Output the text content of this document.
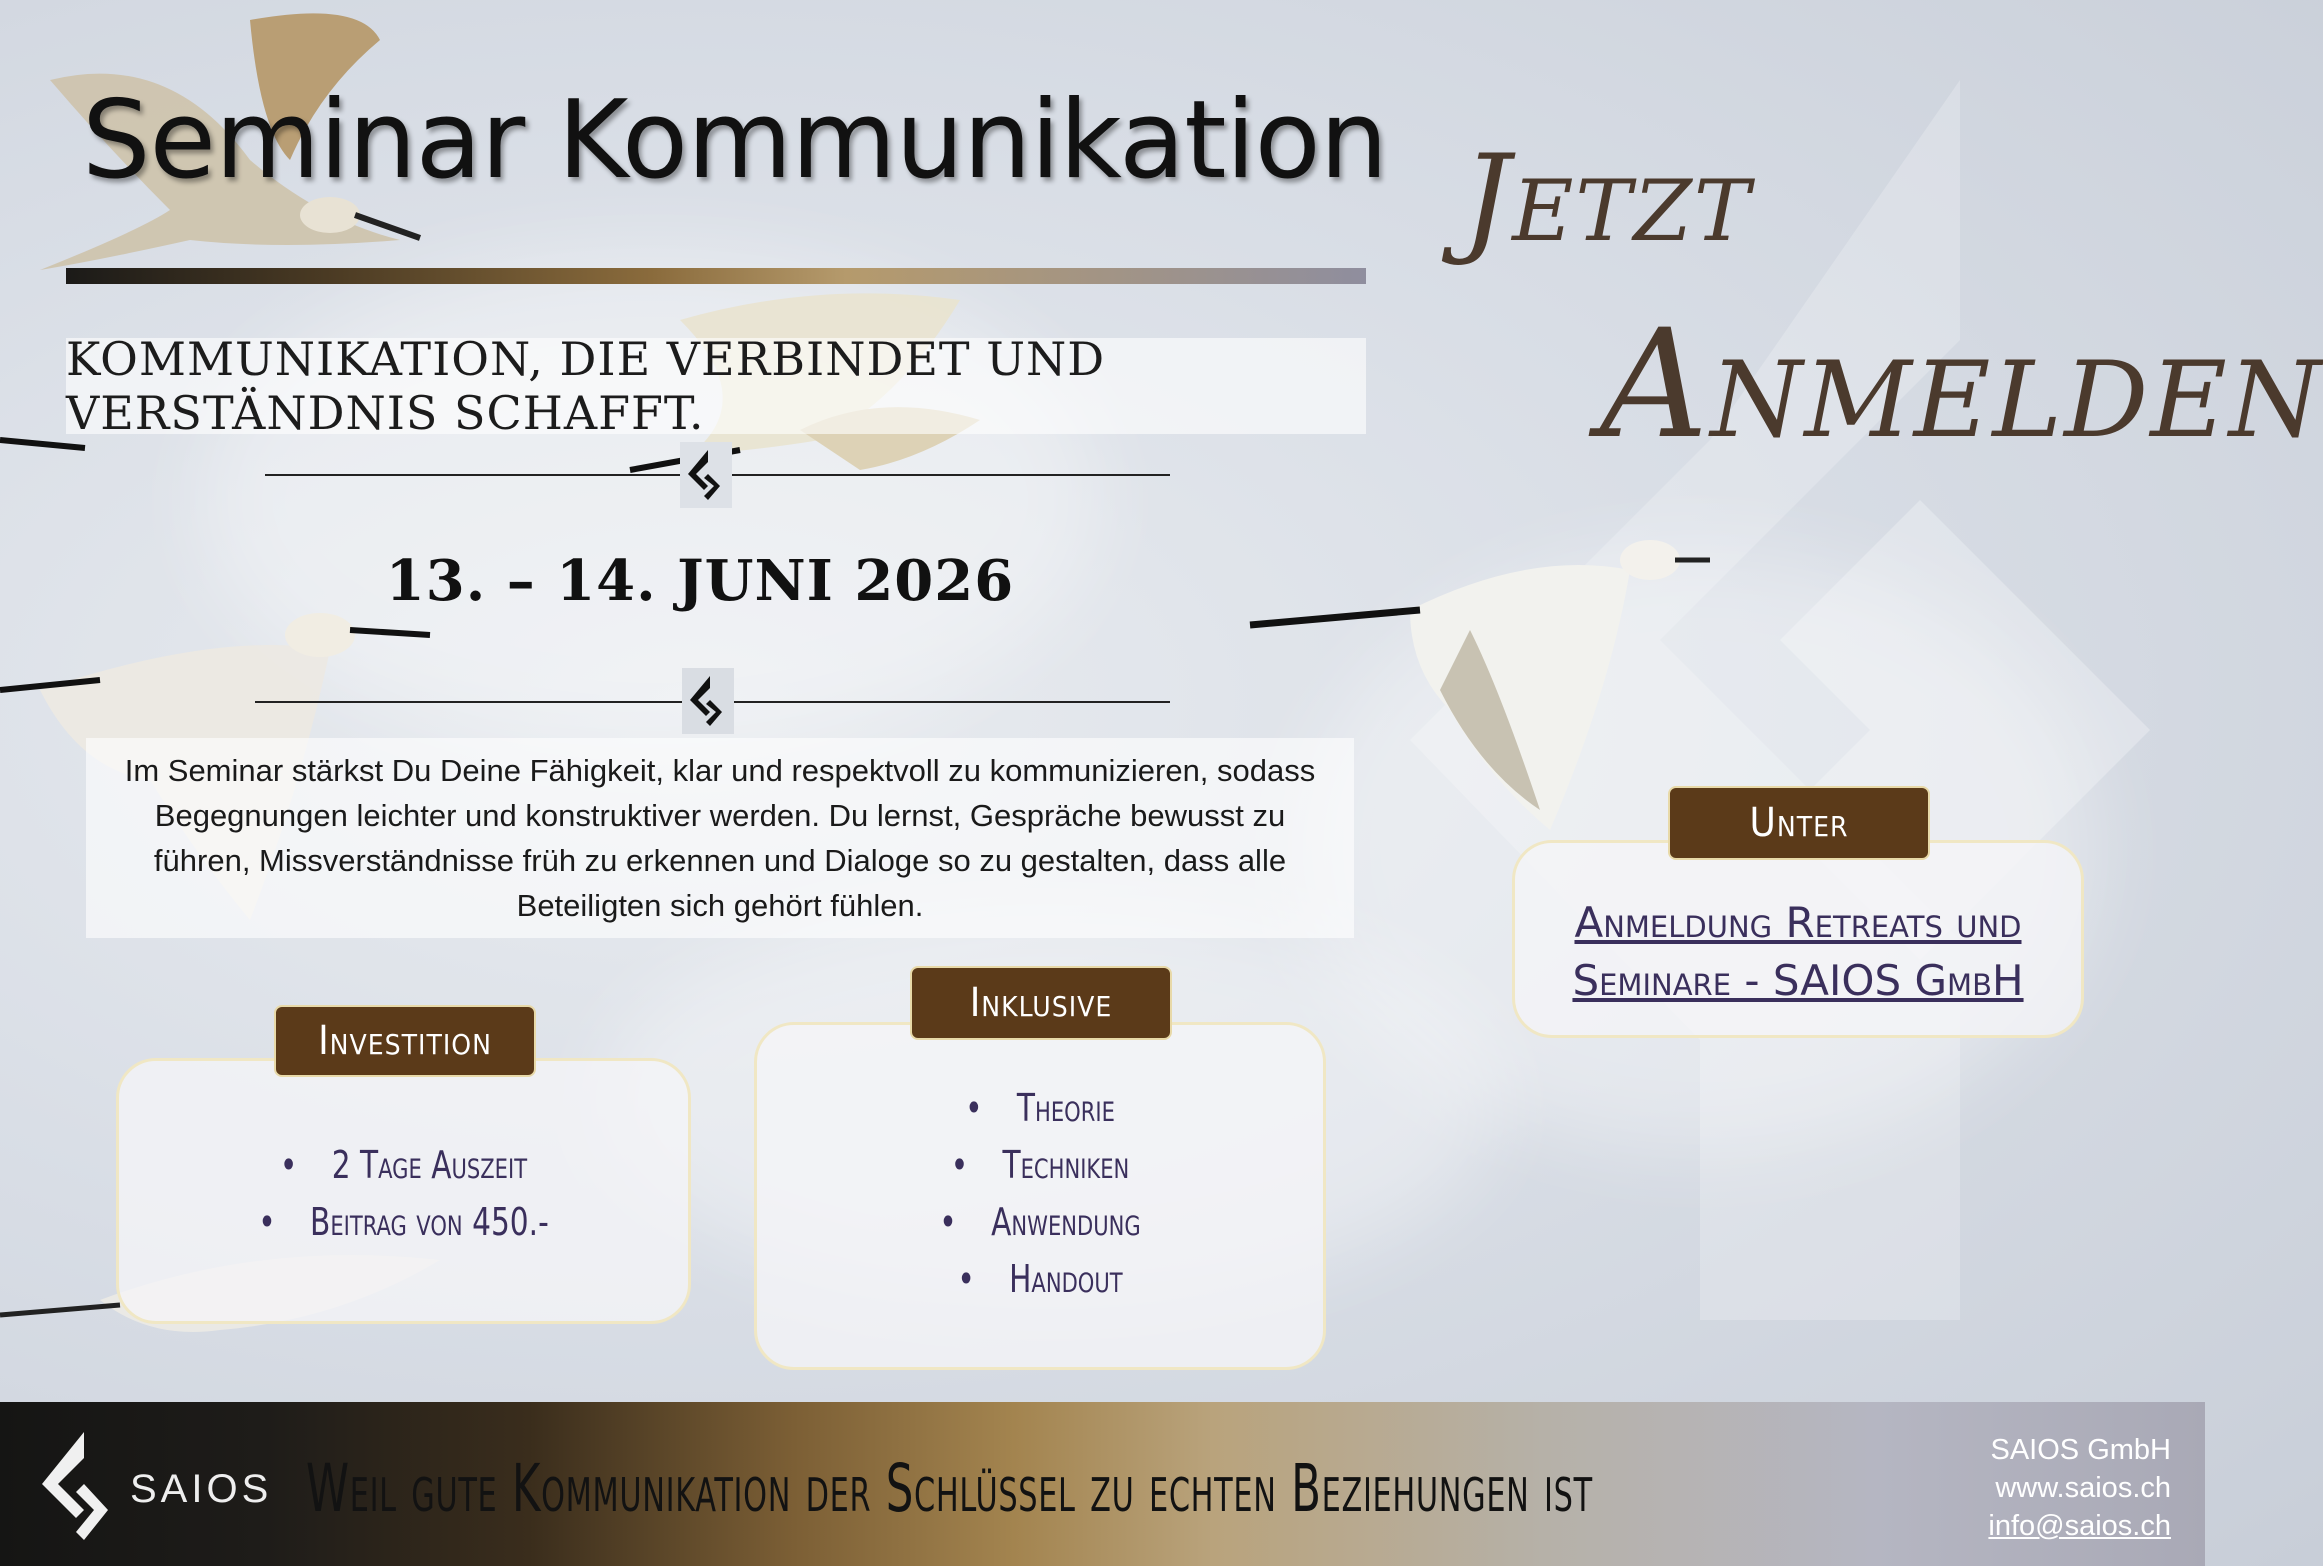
Seminar Kommunikation
KOMMUNIKATION, DIE VERBINDET UND VERSTÄNDNIS SCHAFFT.
13. – 14. JUNI 2026
Im Seminar stärkst Du Deine Fähigkeit, klar und respektvoll zu kommunizieren, sodass Begegnungen leichter und konstruktiver werden. Du lernst, Gespräche bewusst zu führen, Missverständnisse früh zu erkennen und Dialoge so zu gestalten, dass alle Beteiligten sich gehört fühlen.
• 2 Tage Auszeit
• Beitrag von 450.-
Investition
• Theorie
• Techniken
• Anwendung
• Handout
Inklusive
Jetzt
Anmelden
Anmeldung Retreats und
Seminare - SAIOS GmbH
Unter
SAIOS Weil gute Kommunikation der Schlüssel zu echten Beziehungen ist	SAIOS GmbH
www.saios.ch
info@saios.ch
